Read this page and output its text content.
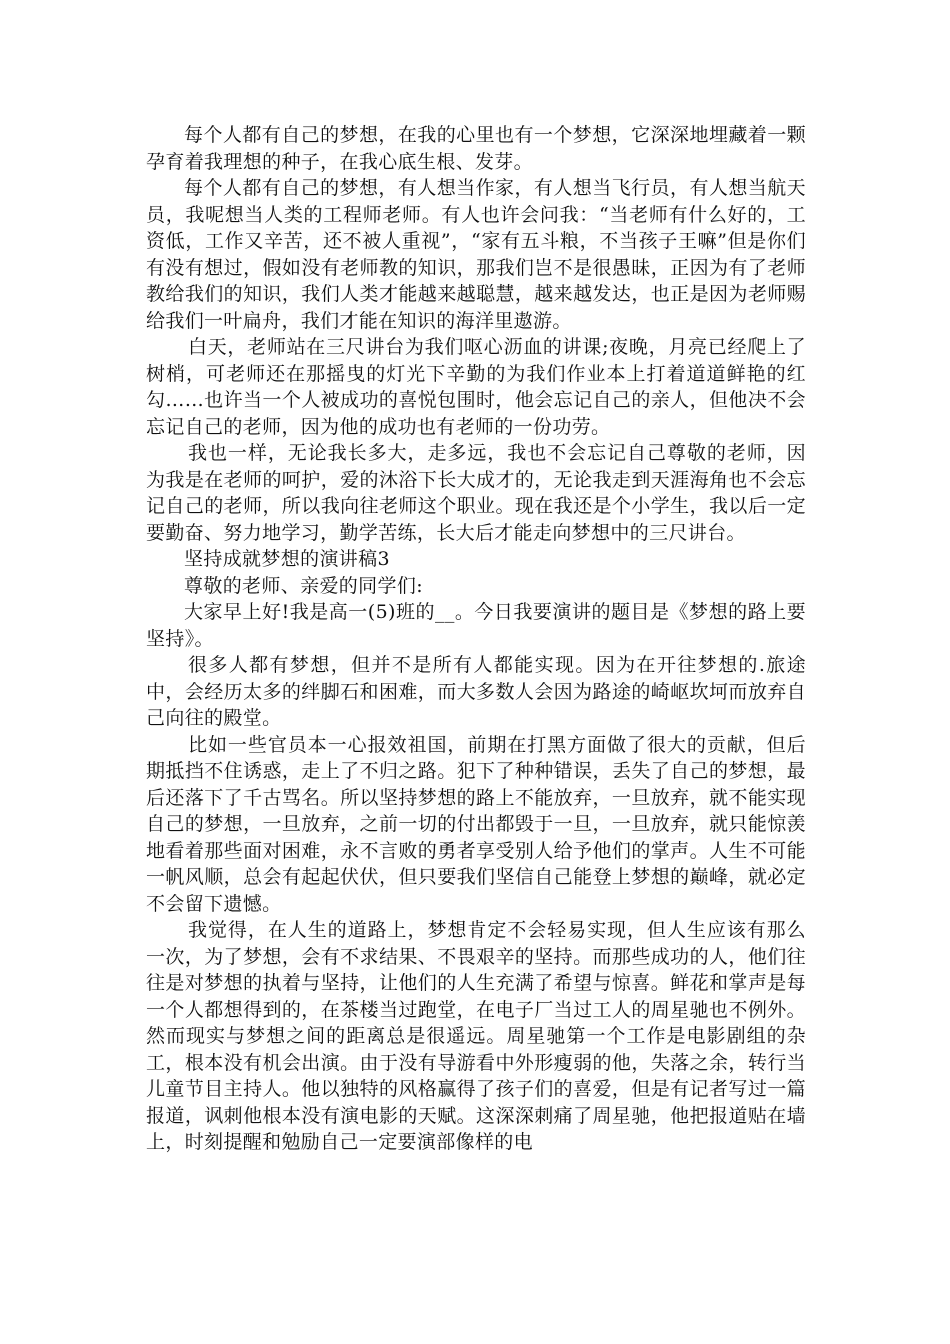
每个人都有自己的梦想，在我的心里也有一个梦想，它深深地埋藏着一颗孕育着我理想的种子，在我心底生根、发芽。

每个人都有自己的梦想，有人想当作家，有人想当飞行员，有人想当航天员，我呢想当人类的工程师老师。有人也许会问我：“当老师有什么好的，工资低，工作又辛苦，还不被人重视”，“家有五斗粮，不当孩子王嘛”但是你们有没有想过，假如没有老师教的知识，那我们岂不是很愚昧，正因为有了老师教给我们的知识，我们人类才能越来越聪慧，越来越发达，也正是因为老师赐给我们一叶扁舟，我们才能在知识的海洋里遨游。

白天，老师站在三尺讲台为我们呕心沥血的讲课;夜晚，月亮已经爬上了树梢，可老师还在那摇曳的灯光下辛勤的为我们作业本上打着道道鲜艳的红勾……也许当一个人被成功的喜悦包围时，他会忘记自己的亲人，但他决不会忘记自己的老师，因为他的成功也有老师的一份功劳。

我也一样，无论我长多大，走多远，我也不会忘记自己尊敬的老师，因为我是在老师的呵护，爱的沐浴下长大成才的，无论我走到天涯海角也不会忘记自己的老师，所以我向往老师这个职业。现在我还是个小学生，我以后一定要勤奋、努力地学习，勤学苦练，长大后才能走向梦想中的三尺讲台。

坚持成就梦想的演讲稿3

尊敬的老师、亲爱的同学们:

大家早上好!我是高一(5)班的__。今日我要演讲的题目是《梦想的路上要坚持》。

很多人都有梦想，但并不是所有人都能实现。因为在开往梦想的.旅途中，会经历太多的绊脚石和困难，而大多数人会因为路途的崎岖坎坷而放弃自己向往的殿堂。

比如一些官员本一心报效祖国，前期在打黑方面做了很大的贡献，但后期抵挡不住诱惑，走上了不归之路。犯下了种种错误，丢失了自己的梦想，最后还落下了千古骂名。所以坚持梦想的路上不能放弃，一旦放弃，就不能实现自己的梦想，一旦放弃，之前一切的付出都毁于一旦，一旦放弃，就只能惊羡地看着那些面对困难，永不言败的勇者享受别人给予他们的掌声。人生不可能一帆风顺，总会有起起伏伏，但只要我们坚信自己能登上梦想的巅峰，就必定不会留下遗憾。

我觉得，在人生的道路上，梦想肯定不会轻易实现，但人生应该有那么一次，为了梦想，会有不求结果、不畏艰辛的坚持。而那些成功的人，他们往往是对梦想的执着与坚持，让他们的人生充满了希望与惊喜。鲜花和掌声是每一个人都想得到的，在茶楼当过跑堂，在电子厂当过工人的周星驰也不例外。然而现实与梦想之间的距离总是很遥远。周星驰第一个工作是电影剧组的杂工，根本没有机会出演。由于没有导游看中外形瘦弱的他，失落之余，转行当儿童节目主持人。他以独特的风格赢得了孩子们的喜爱，但是有记者写过一篇报道，讽刺他根本没有演电影的天赋。这深深刺痛了周星驰，他把报道贴在墙上，时刻提醒和勉励自己一定要演部像样的电
